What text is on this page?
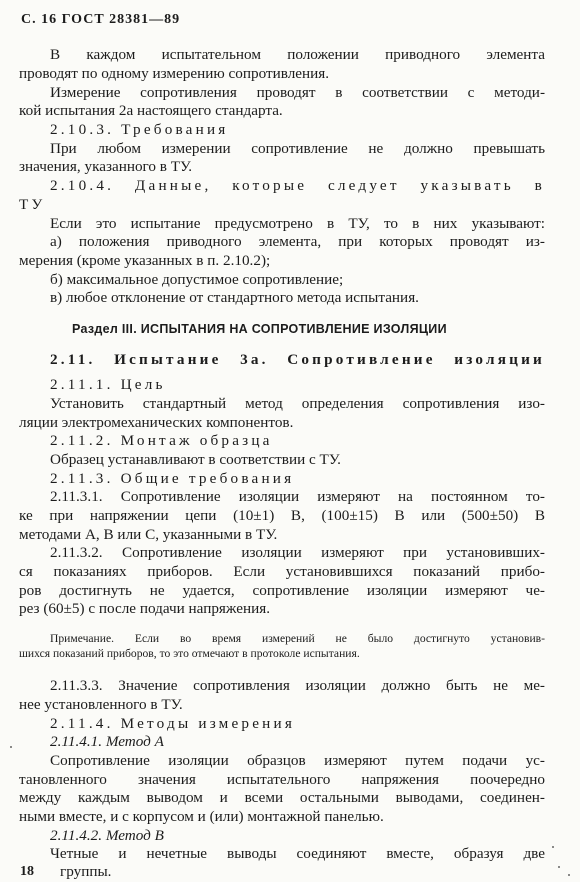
С. 16 ГОСТ 28381—89
В каждом испытательном положении приводного элемента
проводят по одному измерению сопротивления.
Измерение сопротивления проводят в соответствии с методи-
кой испытания 2а настоящего стандарта.
2.10.3. Требования
При любом измерении сопротивление не должно превышать
значения, указанного в ТУ.
2.10.4. Данные, которые следует указывать в
ТУ
Если это испытание предусмотрено в ТУ, то в них указывают:
а) положения приводного элемента, при которых проводят из-
мерения (кроме указанных в п. 2.10.2);
б) максимальное допустимое сопротивление;
в) любое отклонение от стандартного метода испытания.
Раздел III. ИСПЫТАНИЯ НА СОПРОТИВЛЕНИЕ ИЗОЛЯЦИИ
2.11. Испытание 3а. Сопротивление изоляции
2.11.1. Цель
Установить стандартный метод определения сопротивления изо-
ляции электромеханических компонентов.
2.11.2. Монтаж образца
Образец устанавливают в соответствии с ТУ.
2.11.3. Общие требования
2.11.3.1. Сопротивление изоляции измеряют на постоянном то-
ке при напряжении цепи (10±1) В, (100±15) В или (500±50) В
методами А, В или С, указанными в ТУ.
2.11.3.2. Сопротивление изоляции измеряют при установивших-
ся показаниях приборов. Если установившихся показаний прибо-
ров достигнуть не удается, сопротивление изоляции измеряют че-
рез (60±5) с после подачи напряжения.
Примечание. Если во время измерений не было достигнуто установив-
шихся показаний приборов, то это отмечают в протоколе испытания.
2.11.3.3. Значение сопротивления изоляции должно быть не ме-
нее установленного в ТУ.
2.11.4. Методы измерения
2.11.4.1. Метод А
Сопротивление изоляции образцов измеряют путем подачи ус-
тановленного значения испытательного напряжения поочередно
между каждым выводом и всеми остальными выводами, соединен-
ными вместе, и с корпусом и (или) монтажной панелью.
2.11.4.2. Метод В
Четные и нечетные выводы соединяют вместе, образуя две
группы.
18
